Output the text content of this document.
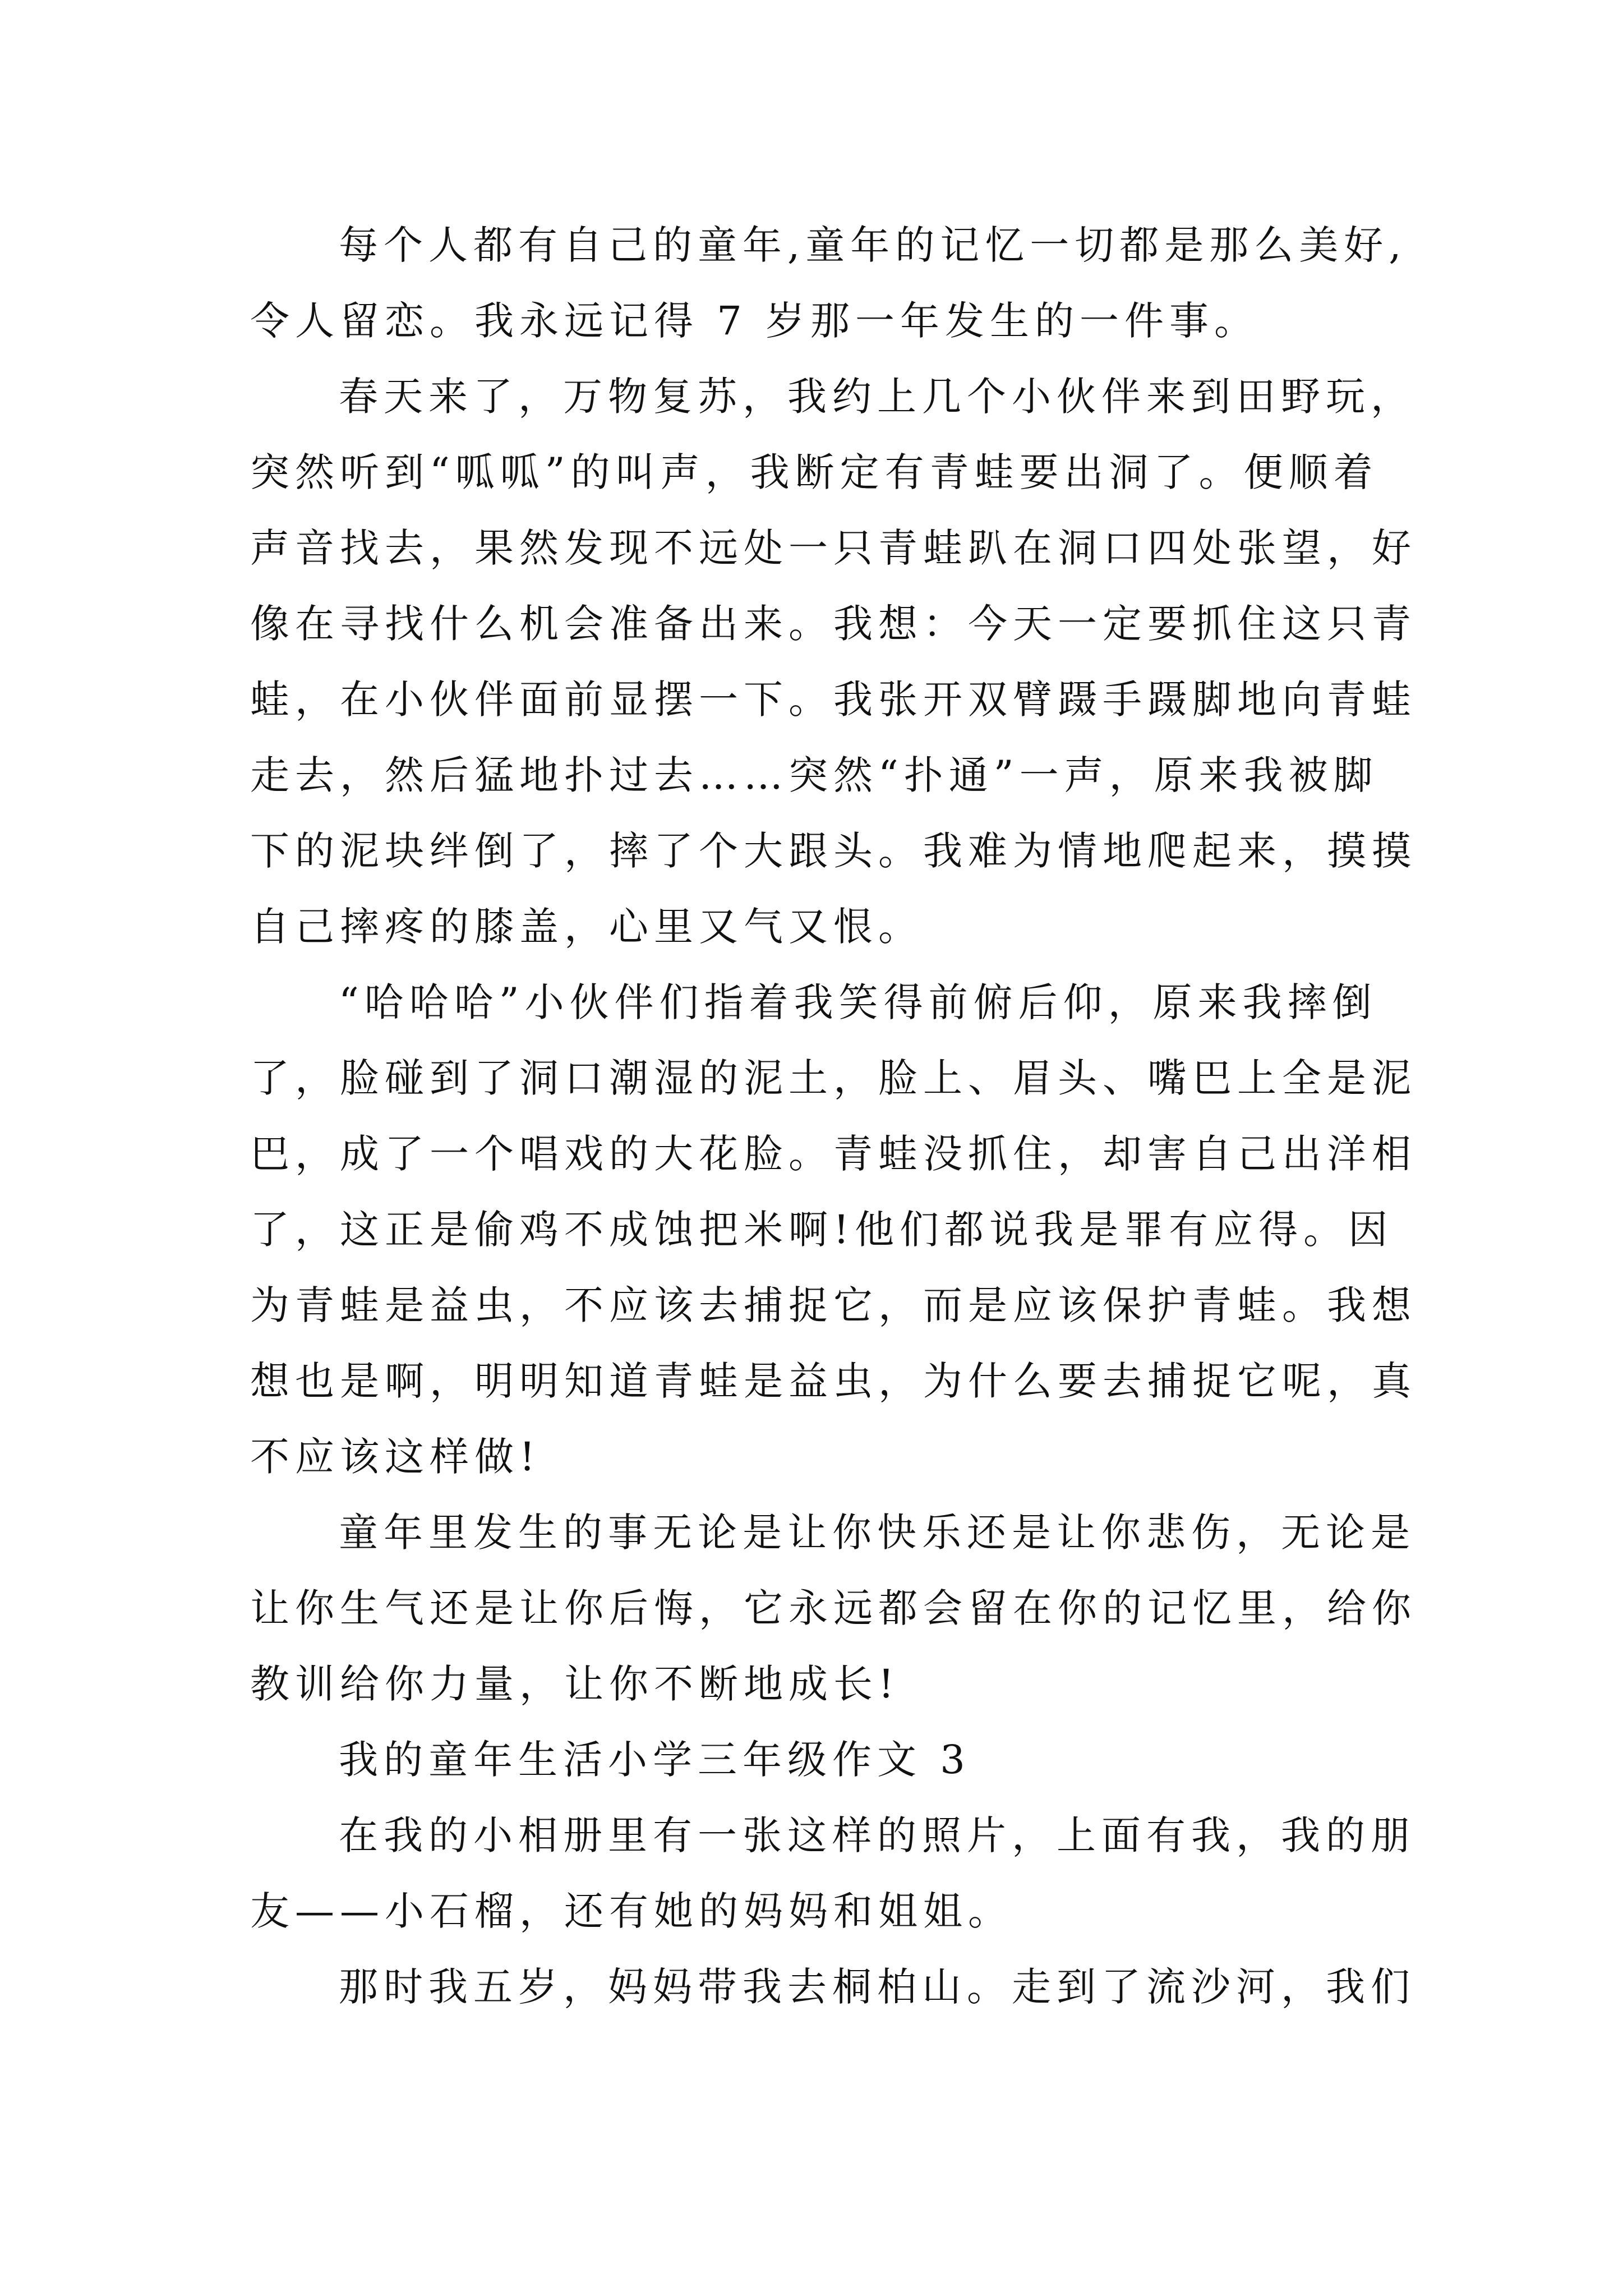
每个人都有自己的童年,童年的记忆一切都是那么美好,
令人留恋。我永远记得 7 岁那一年发生的一件事。
春天来了，万物复苏，我约上几个小伙伴来到田野玩，
突然听到“呱呱”的叫声，我断定有青蛙要出洞了。便顺着
声音找去，果然发现不远处一只青蛙趴在洞口四处张望，好
像在寻找什么机会准备出来。我想：今天一定要抓住这只青
蛙，在小伙伴面前显摆一下。我张开双臂蹑手蹑脚地向青蛙
走去，然后猛地扑过去……突然“扑通”一声，原来我被脚
下的泥块绊倒了，摔了个大跟头。我难为情地爬起来，摸摸
自己摔疼的膝盖，心里又气又恨。
“哈哈哈”小伙伴们指着我笑得前俯后仰，原来我摔倒
了，脸碰到了洞口潮湿的泥土，脸上、眉头、嘴巴上全是泥
巴，成了一个唱戏的大花脸。青蛙没抓住，却害自己出洋相
了，这正是偷鸡不成蚀把米啊!他们都说我是罪有应得。因
为青蛙是益虫，不应该去捕捉它，而是应该保护青蛙。我想
想也是啊，明明知道青蛙是益虫，为什么要去捕捉它呢，真
不应该这样做!
童年里发生的事无论是让你快乐还是让你悲伤，无论是
让你生气还是让你后悔，它永远都会留在你的记忆里，给你
教训给你力量，让你不断地成长!
我的童年生活小学三年级作文 3
在我的小相册里有一张这样的照片，上面有我，我的朋
友——小石榴，还有她的妈妈和姐姐。
那时我五岁，妈妈带我去桐柏山。走到了流沙河，我们
